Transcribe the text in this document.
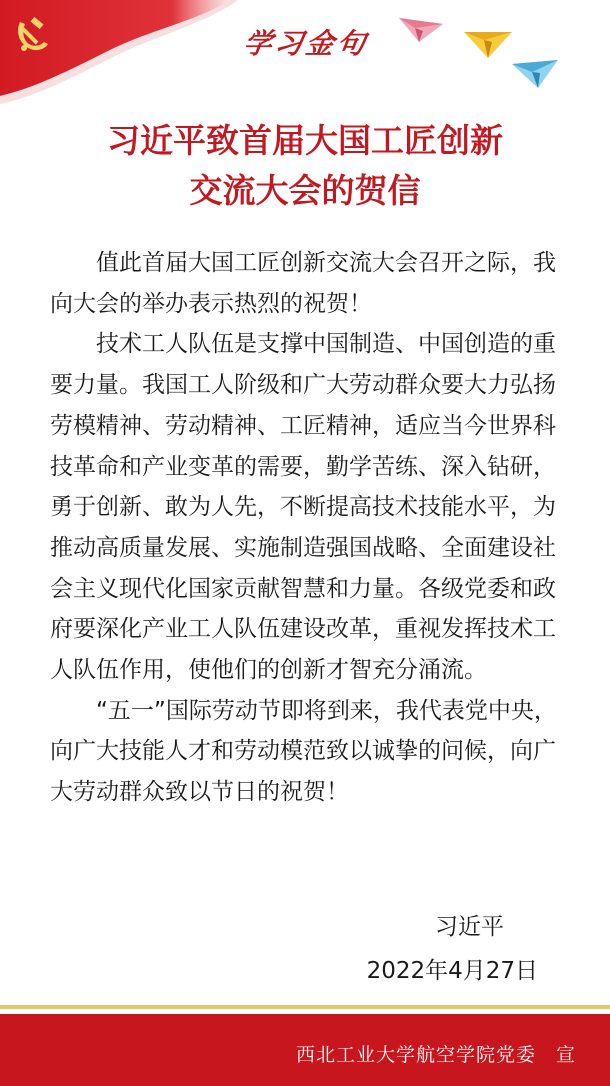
学习金句
习近平致首届大国工匠创新
交流大会的贺信

值此首届大国工匠创新交流大会召开之际，我向大会的举办表示热烈的祝贺！

技术工人队伍是支撑中国制造、中国创造的重要力量。我国工人阶级和广大劳动群众要大力弘扬劳模精神、劳动精神、工匠精神，适应当今世界科技革命和产业变革的需要，勤学苦练、深入钻研，勇于创新、敢为人先，不断提高技术技能水平，为推动高质量发展、实施制造强国战略、全面建设社会主义现代化国家贡献智慧和力量。各级党委和政府要深化产业工人队伍建设改革，重视发挥技术工人队伍作用，使他们的创新才智充分涌流。

“五一”国际劳动节即将到来，我代表党中央，向广大技能人才和劳动模范致以诚挚的问候，向广大劳动群众致以节日的祝贺！

习近平
2022年4月27日
西北工业大学航空学院党委　宣
